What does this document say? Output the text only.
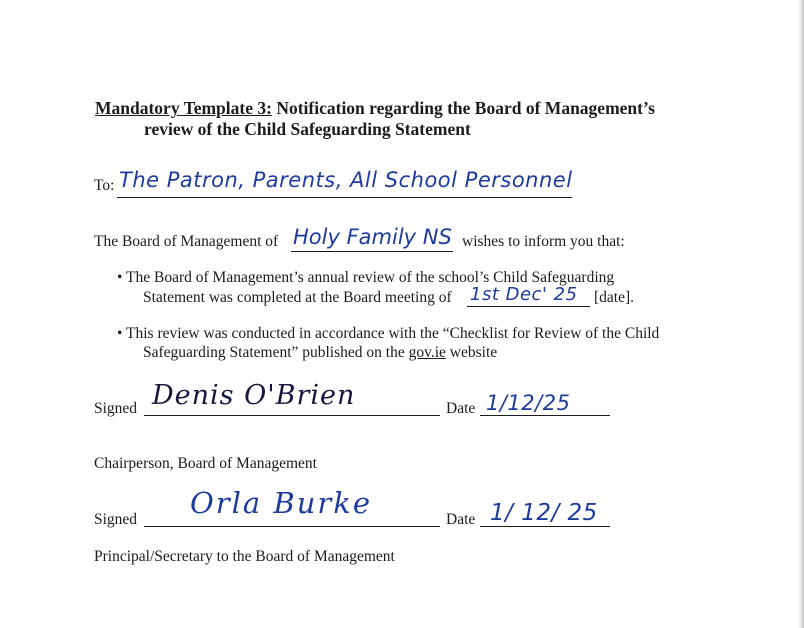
Mandatory Template 3: Notification regarding the Board of Management’s
review of the Child Safeguarding Statement
To: The Patron, Parents, All School Personnel
The Board of Management of Holy Family NS wishes to inform you that:
• The Board of Management’s annual review of the school’s Child Safeguarding
Statement was completed at the Board meeting of 1st Dec' 25 [date].
• This review was conducted in accordance with the “Checklist for Review of the Child
Safeguarding Statement” published on the gov.ie website
Signed Denis O'Brien	Date 1/12/25
Chairperson, Board of Management
Signed Orla Burke	Date 1/ 12/ 25
Principal/Secretary to the Board of Management
